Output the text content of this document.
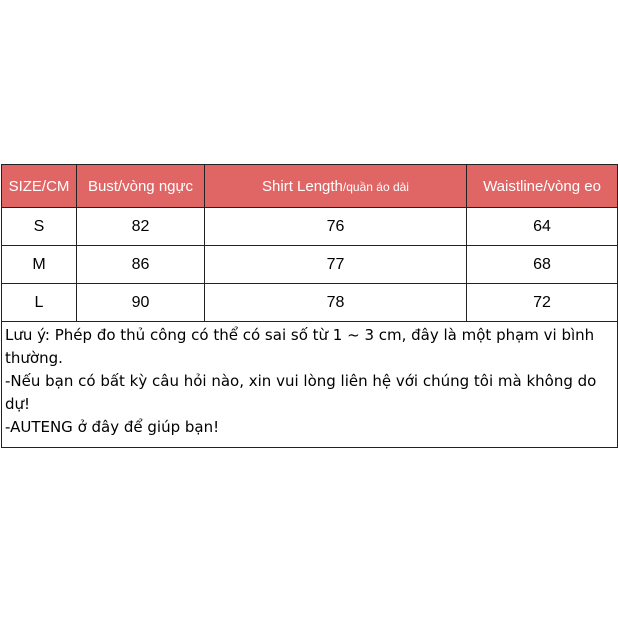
SIZE/CM	Bust/vòng ngực	Shirt Length/quần áo dài	Waistline/vòng eo
S	82	76	64
M	86	77	68
L	90	78	72

Lưu ý: Phép đo thủ công có thể có sai số từ 1 ~ 3 cm, đây là một phạm vi bình thường.
-Nếu bạn có bất kỳ câu hỏi nào, xin vui lòng liên hệ với chúng tôi mà không do dự!
-AUTENG ở đây để giúp bạn!			
